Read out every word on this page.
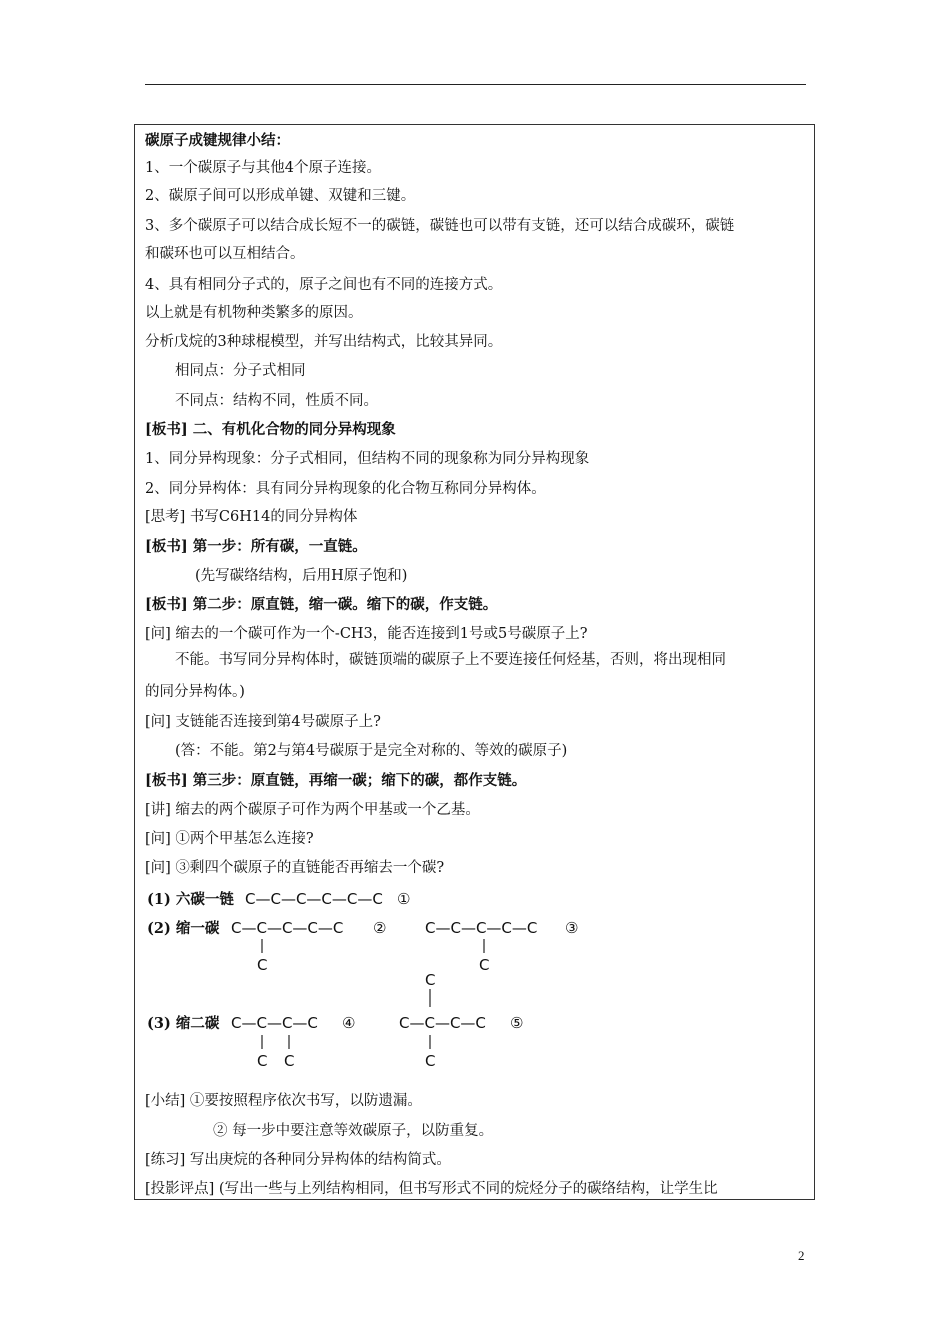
碳原子成键规律小结：
1、一个碳原子与其他4个原子连接。
2、碳原子间可以形成单键、双键和三键。
3、多个碳原子可以结合成长短不一的碳链，碳链也可以带有支链，还可以结合成碳环，碳链
和碳环也可以互相结合。
4、具有相同分子式的，原子之间也有不同的连接方式。
以上就是有机物种类繁多的原因。
分析戊烷的3种球棍模型，并写出结构式，比较其异同。
相同点：分子式相同
不同点：结构不同，性质不同。
[板书] 二、有机化合物的同分异构现象
1、同分异构现象：分子式相同，但结构不同的现象称为同分异构现象
2、同分异构体：具有同分异构现象的化合物互称同分异构体。
[思考] 书写C6H14的同分异构体
[板书] 第一步：所有碳，一直链。
(先写碳络结构，后用H原子饱和)
[板书] 第二步：原直链，缩一碳。缩下的碳，作支链。
[问] 缩去的一个碳可作为一个-CH3，能否连接到1号或5号碳原子上?
不能。书写同分异构体时，碳链顶端的碳原子上不要连接任何烃基，否则，将出现相同
的同分异构体。)
[问] 支链能否连接到第4号碳原子上?
(答：不能。第2与第4号碳原于是完全对称的、等效的碳原子)
[板书] 第三步：原直链，再缩一碳；缩下的碳，都作支链。
[讲] 缩去的两个碳原子可作为两个甲基或一个乙基。
[问] ①两个甲基怎么连接?
[问] ③剩四个碳原子的直链能否再缩去一个碳?
(1) 六碳一链 C—C—C—C—C—C ①
(2) 缩一碳 C—C—C—C—C ②
C
C—C—C—C—C ③
C
C
(3) 缩二碳 C—C—C—C ④
C C
C—C—C—C ⑤
C
[小结] ①要按照程序依次书写，以防遗漏。
② 每一步中要注意等效碳原子，以防重复。
[练习] 写出庚烷的各种同分异构体的结构简式。
[投影评点] (写出一些与上列结构相同，但书写形式不同的烷烃分子的碳络结构，让学生比
2
